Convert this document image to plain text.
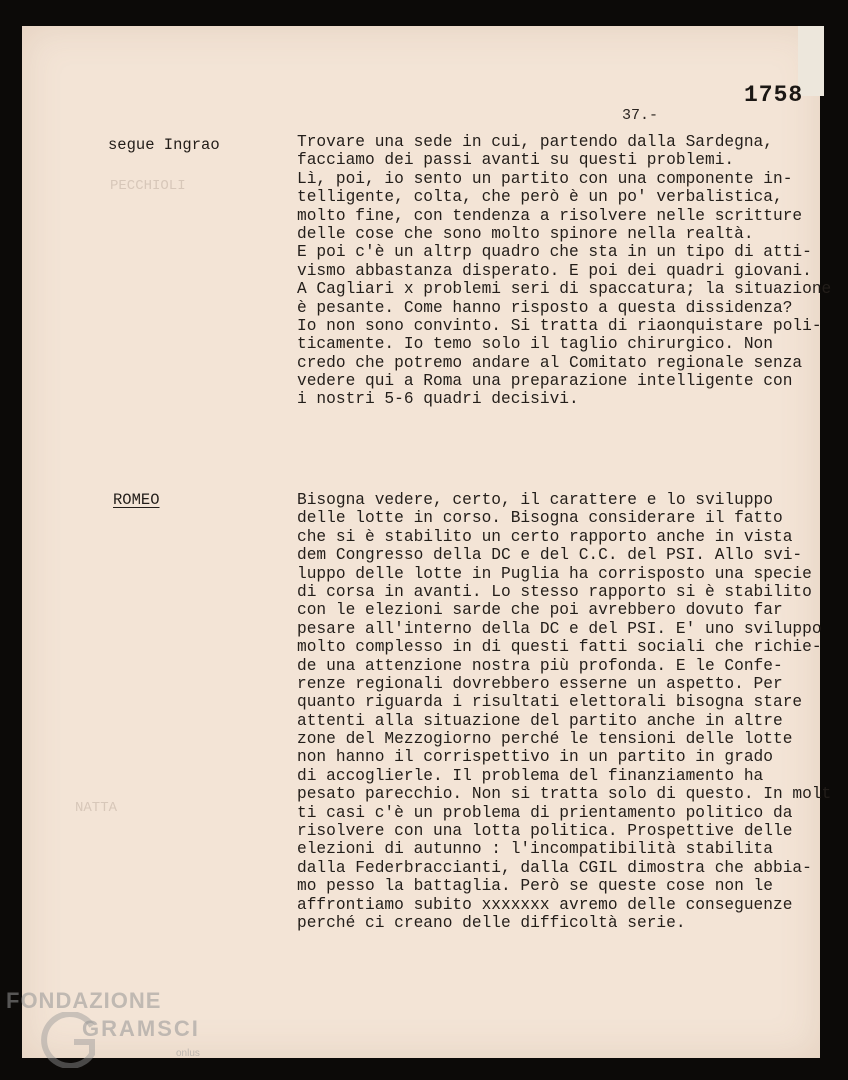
1758
37.-
PECCHIOLI
NATTA
segue Ingrao
ROMEO
Trovare una sede in cui, partendo dalla Sardegna,
facciamo dei passi avanti su questi problemi.
Lì, poi, io sento un partito con una componente in-
telligente, colta, che però è un po' verbalistica,
molto fine, con tendenza a risolvere nelle scritture
delle cose che sono molto spinore nella realtà.
E poi c'è un altrp quadro che sta in un tipo di atti-
vismo abbastanza disperato. E poi dei quadri giovani.
A Cagliari x problemi seri di spaccatura; la situazione
è pesante. Come hanno risposto a questa dissidenza?
Io non sono convinto. Si tratta di riaonquistare poli-
ticamente. Io temo solo il taglio chirurgico. Non
credo che potremo andare al Comitato regionale senza
vedere qui a Roma una preparazione intelligente con
i nostri 5-6 quadri decisivi.
Bisogna vedere, certo, il carattere e lo sviluppo
delle lotte in corso. Bisogna considerare il fatto
che si è stabilito un certo rapporto anche in vista
dem Congresso della DC e del C.C. del PSI. Allo svi-
luppo delle lotte in Puglia ha corrisposto una specie
di corsa in avanti. Lo stesso rapporto si è stabilito
con le elezioni sarde che poi avrebbero dovuto far
pesare all'interno della DC e del PSI. E' uno sviluppo
molto complesso in di questi fatti sociali che richie-
de una attenzione nostra più profonda. E le Confe-
renze regionali dovrebbero esserne un aspetto. Per
quanto riguarda i risultati elettorali bisogna stare
attenti alla situazione del partito anche in altre
zone del Mezzogiorno perché le tensioni delle lotte
non hanno il corrispettivo in un partito in grado
di accoglierle. Il problema del finanziamento ha
pesato parecchio. Non si tratta solo di questo. In molt
ti casi c'è un problema di prientamento politico da
risolvere con una lotta politica. Prospettive delle
elezioni di autunno : l'incompatibilità stabilita
dalla Federbraccianti, dalla CGIL dimostra che abbia-
mo pesso la battaglia. Però se queste cose non le
affrontiamo subito xxxxxxx avremo delle conseguenze
perché ci creano delle difficoltà serie.
FONDAZIONE
GRAMSCI
onlus
